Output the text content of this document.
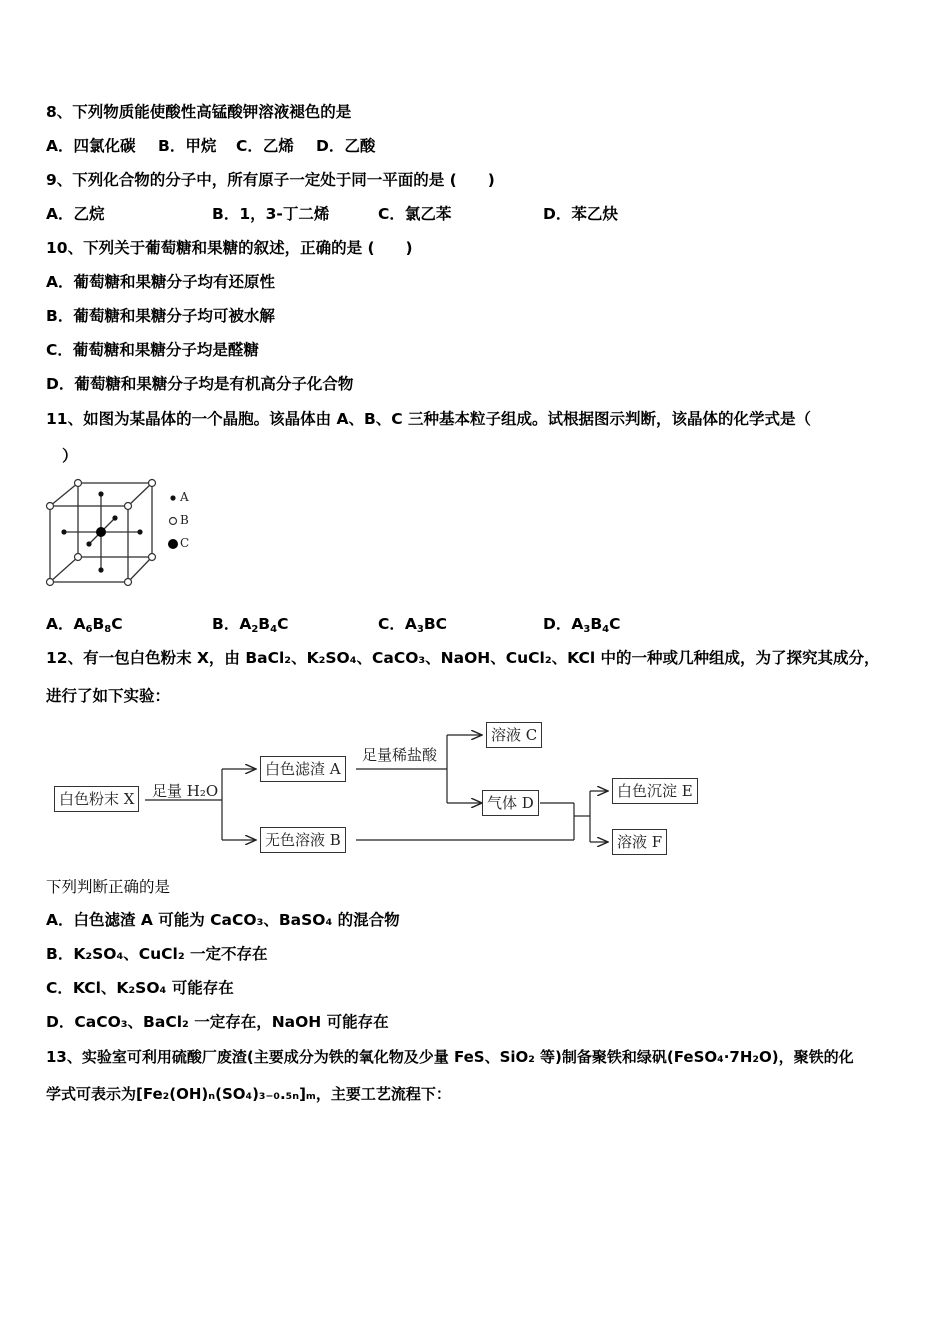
8、下列物质能使酸性高锰酸钾溶液褪色的是
A．四氯化碳 B．甲烷 C．乙烯 D．乙酸
9、下列化合物的分子中，所有原子一定处于同一平面的是 (　　)
A．乙烷	B．1，3-丁二烯	C．氯乙苯	D．苯乙炔
10、下列关于葡萄糖和果糖的叙述，正确的是 (　　)
A．葡萄糖和果糖分子均有还原性
B．葡萄糖和果糖分子均可被水解
C．葡萄糖和果糖分子均是醛糖
D．葡萄糖和果糖分子均是有机高分子化合物
11、如图为某晶体的一个晶胞。该晶体由 A、B、C 三种基本粒子组成。试根据图示判断，该晶体的化学式是（
）
A
B
C
A．A6B8C	B．A2B4C	C．A3BC	D．A3B4C
12、有一包白色粉末 X，由 BaCl₂、K₂SO₄、CaCO₃、NaOH、CuCl₂、KCl 中的一种或几种组成，为了探究其成分，
进行了如下实验：
白色粉末 X	足量 H₂O
白色滤渣 A
足量稀盐酸
溶液 C
气体 D
无色溶液 B
白色沉淀 E
溶液 F
下列判断正确的是
A．白色滤渣 A 可能为 CaCO₃、BaSO₄ 的混合物
B．K₂SO₄、CuCl₂ 一定不存在
C．KCl、K₂SO₄ 可能存在
D．CaCO₃、BaCl₂ 一定存在，NaOH 可能存在
13、实验室可利用硫酸厂废渣(主要成分为铁的氧化物及少量 FeS、SiO₂ 等)制备聚铁和绿矾(FeSO₄·7H₂O)，聚铁的化
学式可表示为[Fe₂(OH)ₙ(SO₄)₃₋₀.₅ₙ]ₘ，主要工艺流程下：
